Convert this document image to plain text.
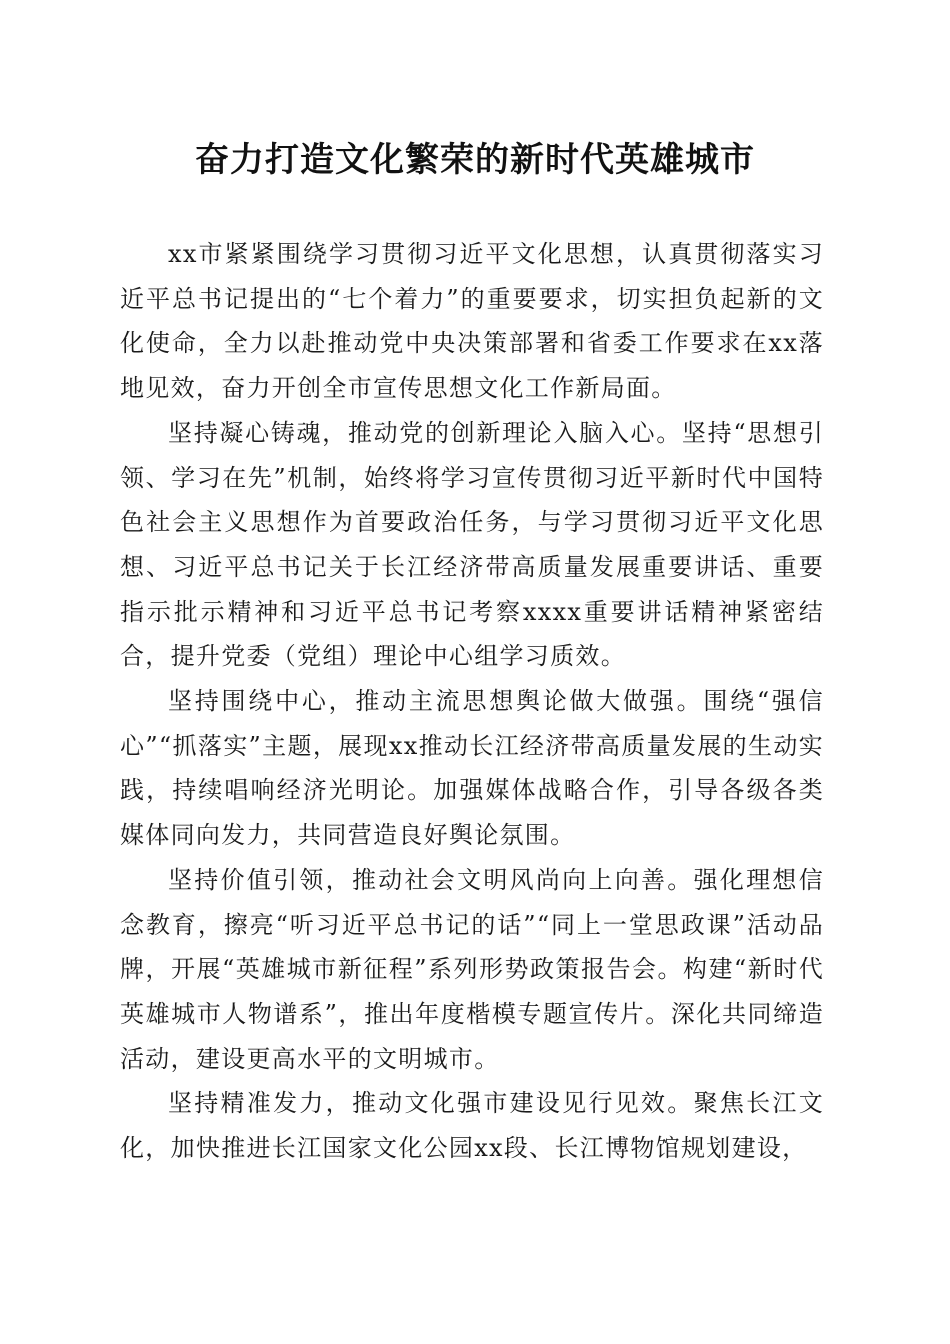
奋力打造文化繁荣的新时代英雄城市

xx市紧紧围绕学习贯彻习近平文化思想，认真贯彻落实习近平总书记提出的“七个着力”的重要要求，切实担负起新的文化使命，全力以赴推动党中央决策部署和省委工作要求在xx落地见效，奋力开创全市宣传思想文化工作新局面。

坚持凝心铸魂，推动党的创新理论入脑入心。坚持“思想引领、学习在先”机制，始终将学习宣传贯彻习近平新时代中国特色社会主义思想作为首要政治任务，与学习贯彻习近平文化思想、习近平总书记关于长江经济带高质量发展重要讲话、重要指示批示精神和习近平总书记考察xxxx重要讲话精神紧密结合，提升党委（党组）理论中心组学习质效。

坚持围绕中心，推动主流思想舆论做大做强。围绕“强信心”“抓落实”主题，展现xx推动长江经济带高质量发展的生动实践，持续唱响经济光明论。加强媒体战略合作，引导各级各类媒体同向发力，共同营造良好舆论氛围。

坚持价值引领，推动社会文明风尚向上向善。强化理想信念教育，擦亮“听习近平总书记的话”“同上一堂思政课”活动品牌，开展“英雄城市新征程”系列形势政策报告会。构建“新时代英雄城市人物谱系”，推出年度楷模专题宣传片。深化共同缔造活动，建设更高水平的文明城市。

坚持精准发力，推动文化强市建设见行见效。聚焦长江文化，加快推进长江国家文化公园xx段、长江博物馆规划建设，
